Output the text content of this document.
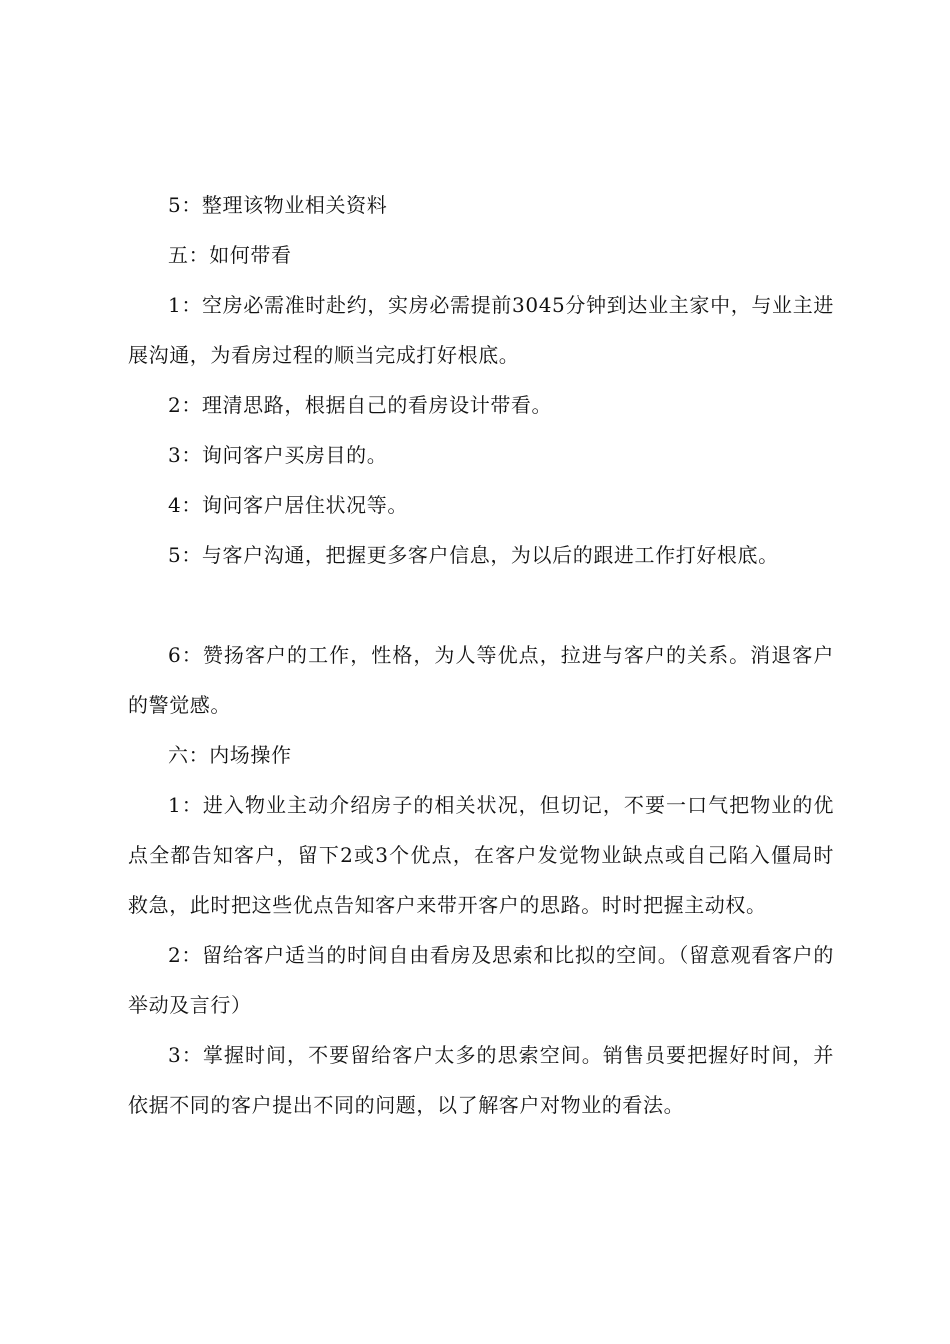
5：整理该物业相关资料

五：如何带看

1：空房必需准时赴约，实房必需提前3045分钟到达业主家中，与业主进展沟通，为看房过程的顺当完成打好根底。

2：理清思路，根据自己的看房设计带看。

3：询问客户买房目的。

4：询问客户居住状况等。

5：与客户沟通，把握更多客户信息，为以后的跟进工作打好根底。

6：赞扬客户的工作，性格，为人等优点，拉进与客户的关系。消退客户的警觉感。

六：内场操作

1：进入物业主动介绍房子的相关状况，但切记，不要一口气把物业的优点全都告知客户，留下2或3个优点，在客户发觉物业缺点或自己陷入僵局时救急，此时把这些优点告知客户来带开客户的思路。时时把握主动权。

2：留给客户适当的时间自由看房及思索和比拟的空间。（留意观看客户的举动及言行）

3：掌握时间，不要留给客户太多的思索空间。销售员要把握好时间，并依据不同的客户提出不同的问题，以了解客户对物业的看法。
